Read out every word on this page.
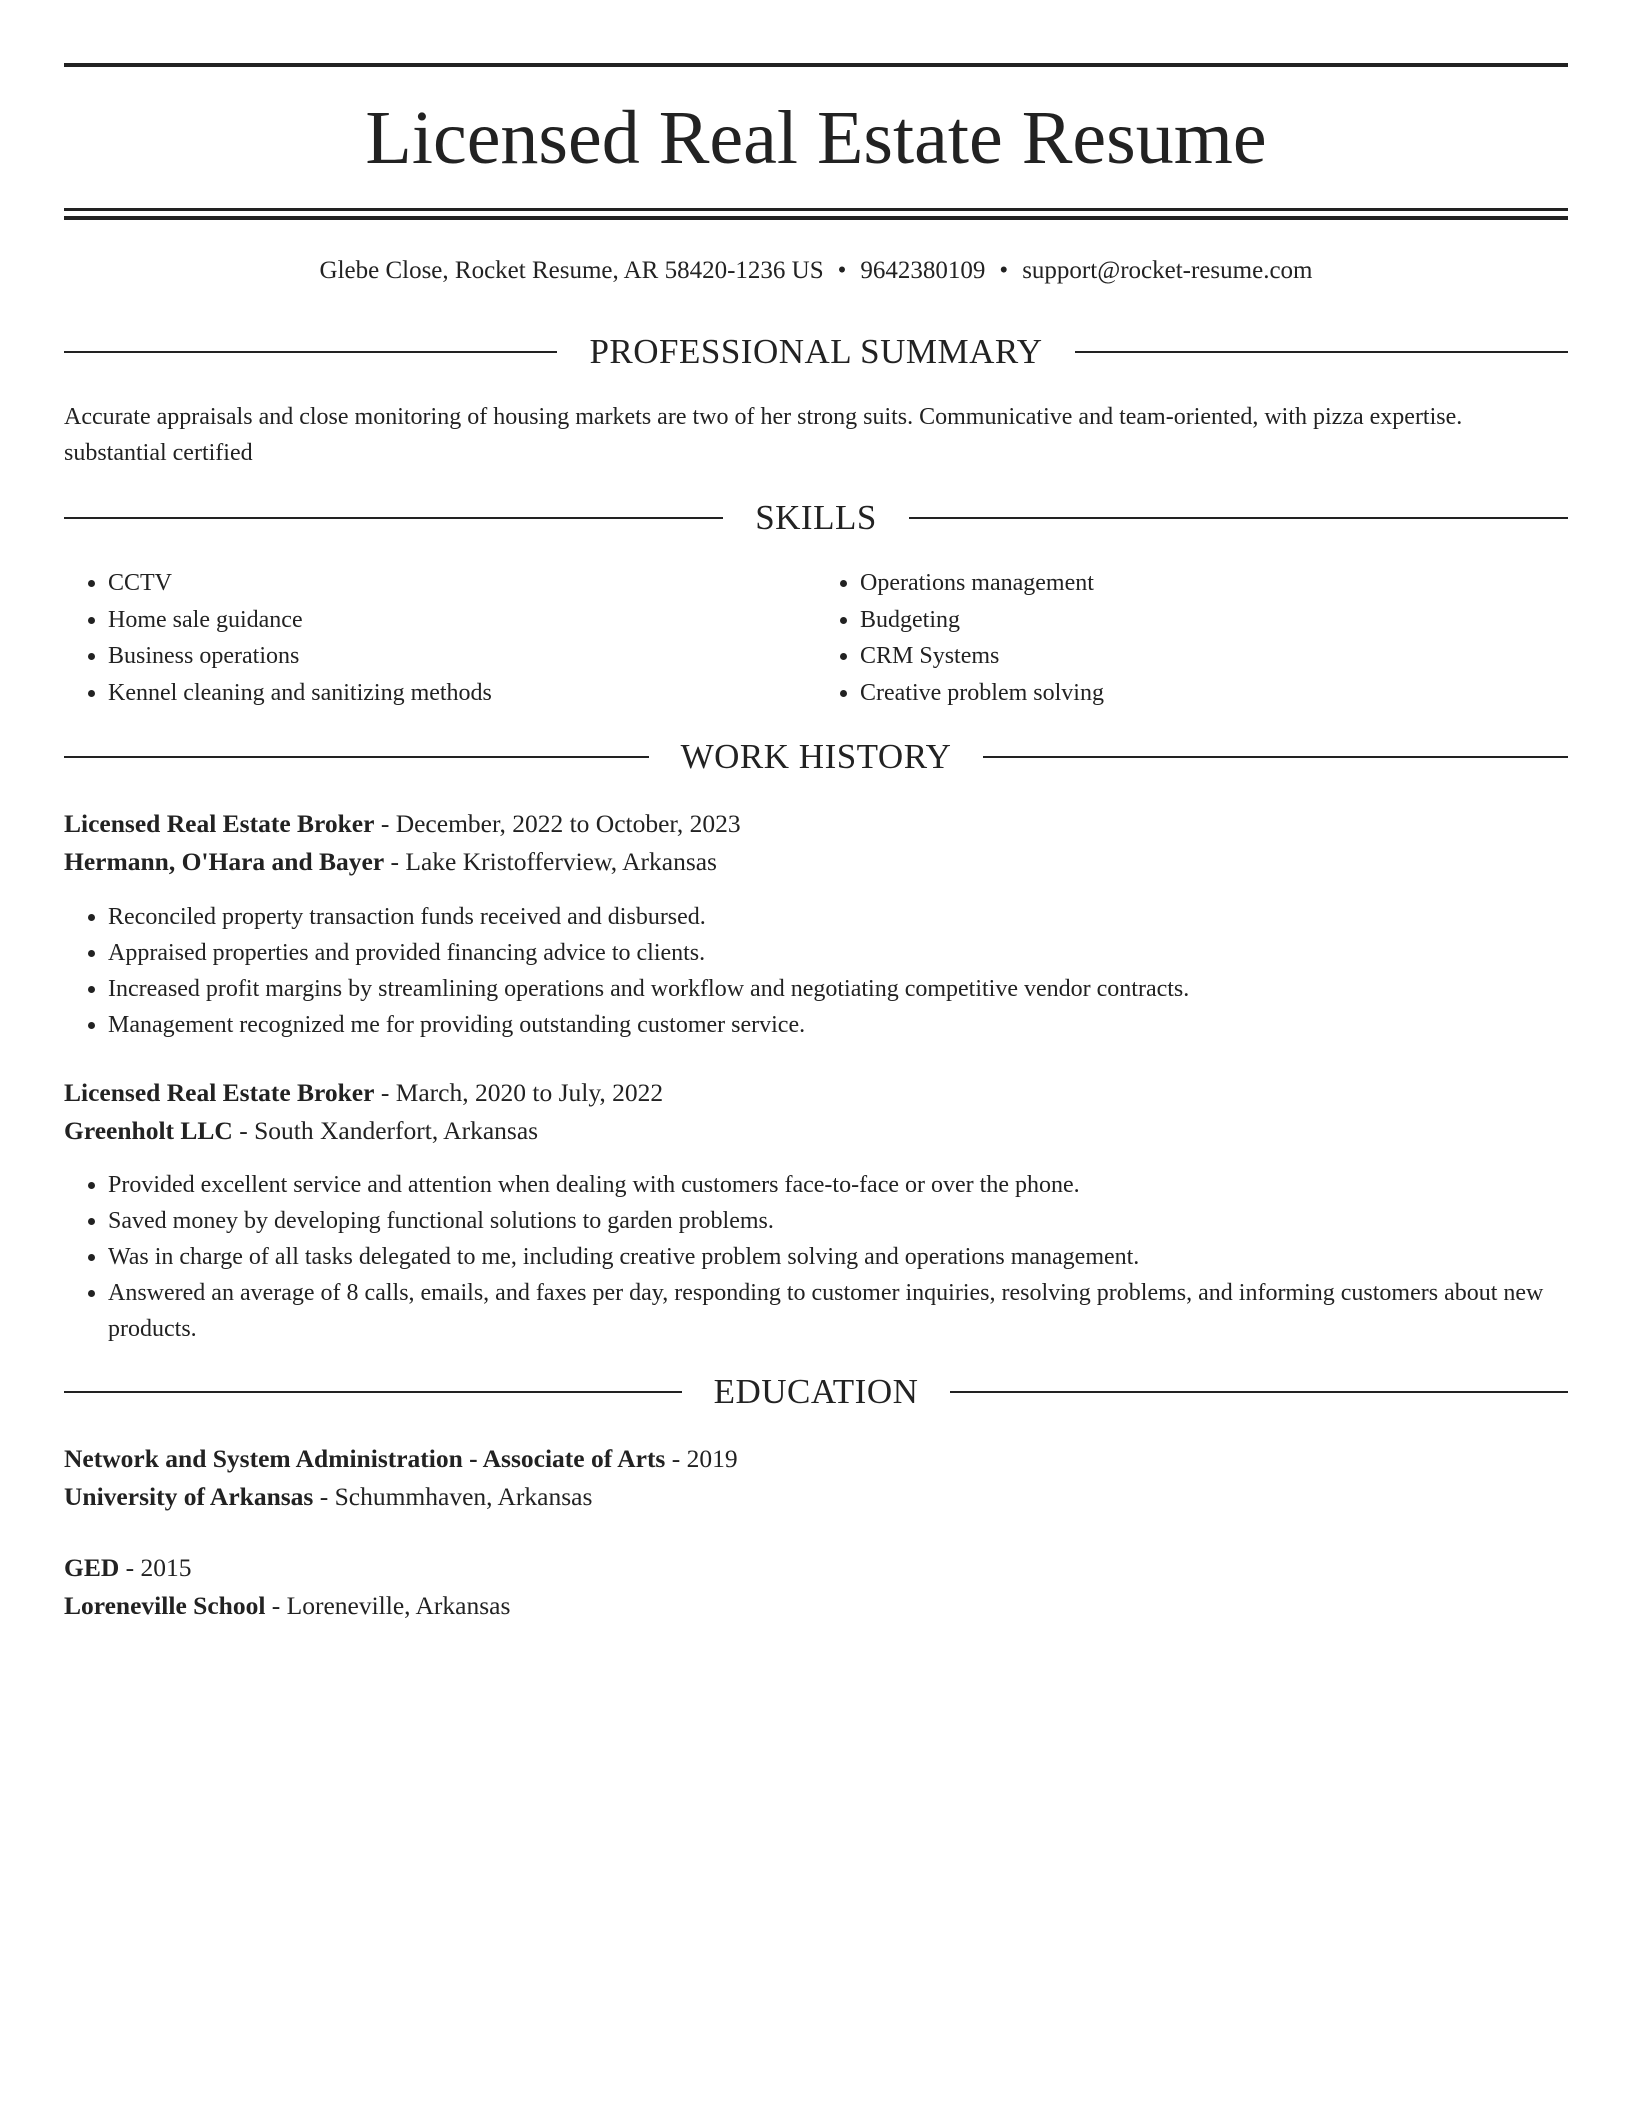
Licensed Real Estate Resume
Glebe Close, Rocket Resume, AR 58420-1236 US • 9642380109 • support@rocket-resume.com
PROFESSIONAL SUMMARY
Accurate appraisals and close monitoring of housing markets are two of her strong suits. Communicative and team-oriented, with pizza expertise. substantial certified
SKILLS
• CCTV
• Home sale guidance
• Business operations
• Kennel cleaning and sanitizing methods
• Operations management
• Budgeting
• CRM Systems
• Creative problem solving
WORK HISTORY
Licensed Real Estate Broker - December, 2022 to October, 2023
Hermann, O'Hara and Bayer - Lake Kristofferview, Arkansas
• Reconciled property transaction funds received and disbursed.
• Appraised properties and provided financing advice to clients.
• Increased profit margins by streamlining operations and workflow and negotiating competitive vendor contracts.
• Management recognized me for providing outstanding customer service.
Licensed Real Estate Broker - March, 2020 to July, 2022
Greenholt LLC - South Xanderfort, Arkansas
• Provided excellent service and attention when dealing with customers face-to-face or over the phone.
• Saved money by developing functional solutions to garden problems.
• Was in charge of all tasks delegated to me, including creative problem solving and operations management.
• Answered an average of 8 calls, emails, and faxes per day, responding to customer inquiries, resolving problems, and informing customers about new products.
EDUCATION
Network and System Administration - Associate of Arts - 2019
University of Arkansas - Schummhaven, Arkansas
GED - 2015
Loreneville School - Loreneville, Arkansas
